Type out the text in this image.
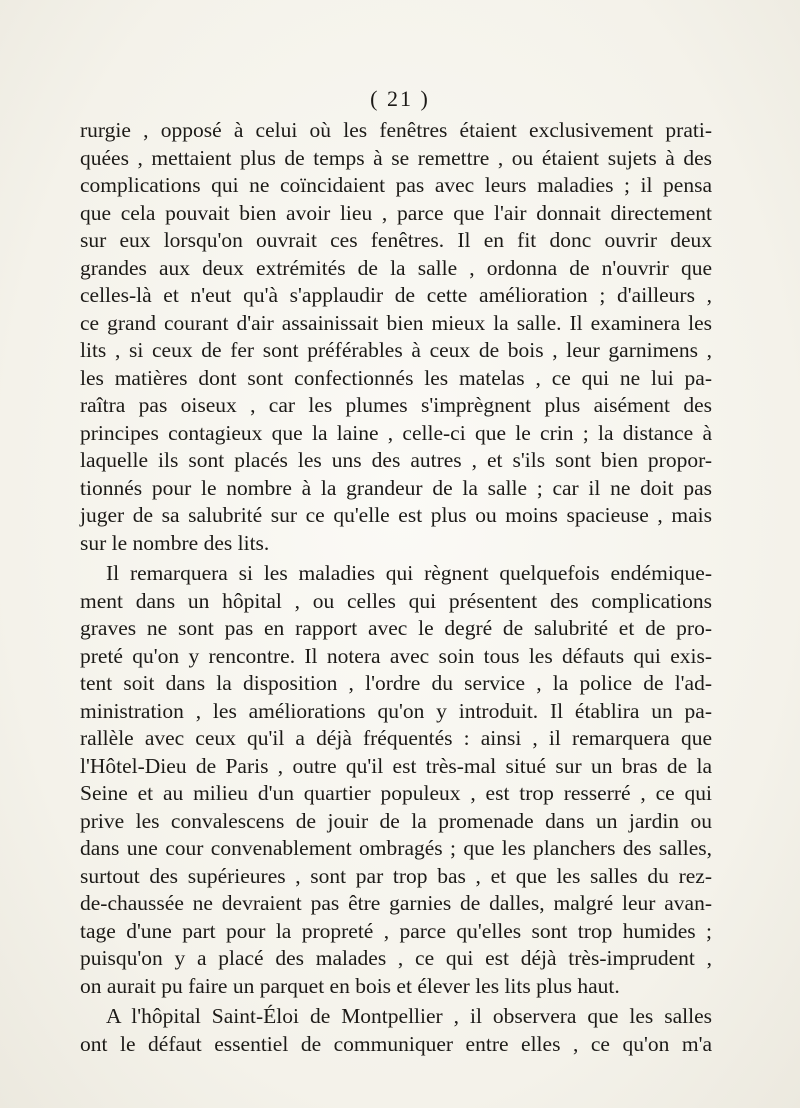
( 21 )
rurgie , opposé à celui où les fenêtres étaient exclusivement prati-
quées , mettaient plus de temps à se remettre , ou étaient sujets à des
complications qui ne coïncidaient pas avec leurs maladies ; il pensa
que cela pouvait bien avoir lieu , parce que l'air donnait directement
sur eux lorsqu'on ouvrait ces fenêtres. Il en fit donc ouvrir deux
grandes aux deux extrémités de la salle , ordonna de n'ouvrir que
celles-là et n'eut qu'à s'applaudir de cette amélioration ; d'ailleurs ,
ce grand courant d'air assainissait bien mieux la salle. Il examinera les
lits , si ceux de fer sont préférables à ceux de bois , leur garnimens ,
les matières dont sont confectionnés les matelas , ce qui ne lui pa-
raîtra pas oiseux , car les plumes s'imprègnent plus aisément des
principes contagieux que la laine , celle-ci que le crin ; la distance à
laquelle ils sont placés les uns des autres , et s'ils sont bien propor-
tionnés pour le nombre à la grandeur de la salle ; car il ne doit pas
juger de sa salubrité sur ce qu'elle est plus ou moins spacieuse , mais
sur le nombre des lits.
Il remarquera si les maladies qui règnent quelquefois endémique-
ment dans un hôpital , ou celles qui présentent des complications
graves ne sont pas en rapport avec le degré de salubrité et de pro-
preté qu'on y rencontre. Il notera avec soin tous les défauts qui exis-
tent soit dans la disposition , l'ordre du service , la police de l'ad-
ministration , les améliorations qu'on y introduit. Il établira un pa-
rallèle avec ceux qu'il a déjà fréquentés : ainsi , il remarquera que
l'Hôtel-Dieu de Paris , outre qu'il est très-mal situé sur un bras de la
Seine et au milieu d'un quartier populeux , est trop resserré , ce qui
prive les convalescens de jouir de la promenade dans un jardin ou
dans une cour convenablement ombragés ; que les planchers des salles,
surtout des supérieures , sont par trop bas , et que les salles du rez-
de-chaussée ne devraient pas être garnies de dalles, malgré leur avan-
tage d'une part pour la propreté , parce qu'elles sont trop humides ;
puisqu'on y a placé des malades , ce qui est déjà très-imprudent ,
on aurait pu faire un parquet en bois et élever les lits plus haut.
A l'hôpital Saint-Éloi de Montpellier , il observera que les salles
ont le défaut essentiel de communiquer entre elles , ce qu'on m'a
